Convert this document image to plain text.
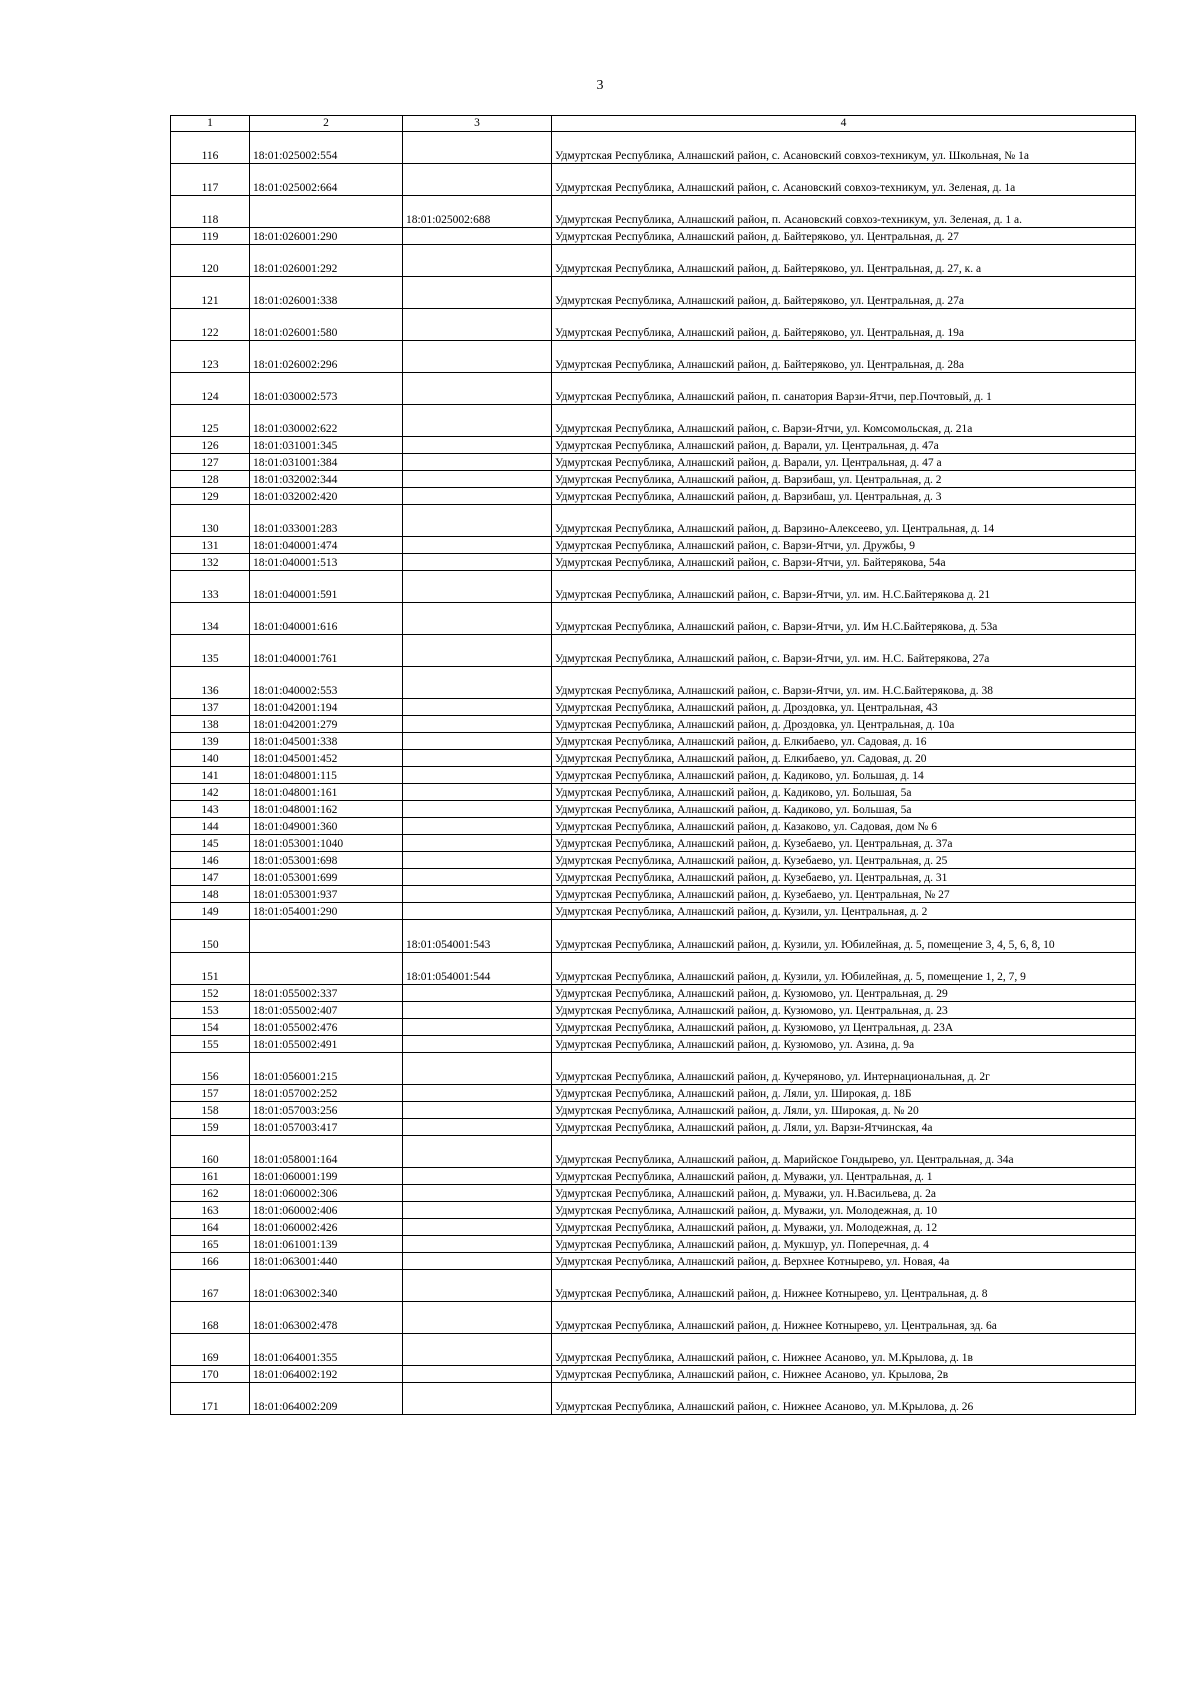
3
1	2	3	4
116	18:01:025002:554		Удмуртская Республика, Алнашский район, с. Асановский совхоз-техникум, ул. Школьная, № 1а
117	18:01:025002:664		Удмуртская Республика, Алнашский район, с. Асановский совхоз-техникум, ул. Зеленая, д. 1а
118		18:01:025002:688	Удмуртская Республика, Алнашский район, п. Асановский совхоз-техникум, ул. Зеленая, д. 1 а.
119	18:01:026001:290		Удмуртская Республика, Алнашский район, д. Байтеряково, ул. Центральная, д. 27
120	18:01:026001:292		Удмуртская Республика, Алнашский район, д. Байтеряково, ул. Центральная, д. 27, к. а
121	18:01:026001:338		Удмуртская Республика, Алнашский район, д. Байтеряково, ул. Центральная, д. 27а
122	18:01:026001:580		Удмуртская Республика, Алнашский район, д. Байтеряково, ул. Центральная, д. 19а
123	18:01:026002:296		Удмуртская Республика, Алнашский район, д. Байтеряково, ул. Центральная, д. 28а
124	18:01:030002:573		Удмуртская Республика, Алнашский район, п. санатория Варзи-Ятчи, пер.Почтовый, д. 1
125	18:01:030002:622		Удмуртская Республика, Алнашский район, с. Варзи-Ятчи, ул. Комсомольская, д. 21а
126	18:01:031001:345		Удмуртская Республика, Алнашский район, д. Варали, ул. Центральная, д. 47а
127	18:01:031001:384		Удмуртская Республика, Алнашский район, д. Варали, ул. Центральная, д. 47 а
128	18:01:032002:344		Удмуртская Республика, Алнашский район, д. Варзибаш, ул. Центральная, д. 2
129	18:01:032002:420		Удмуртская Республика, Алнашский район, д. Варзибаш, ул. Центральная, д. 3
130	18:01:033001:283		Удмуртская Республика, Алнашский район, д. Варзино-Алексеево, ул. Центральная, д. 14
131	18:01:040001:474		Удмуртская Республика, Алнашский район, с. Варзи-Ятчи, ул. Дружбы, 9
132	18:01:040001:513		Удмуртская Республика, Алнашский район, с. Варзи-Ятчи, ул. Байтерякова, 54а
133	18:01:040001:591		Удмуртская Республика, Алнашский район, с. Варзи-Ятчи, ул. им. Н.С.Байтерякова д. 21
134	18:01:040001:616		Удмуртская Республика, Алнашский район, с. Варзи-Ятчи, ул. Им Н.С.Байтерякова, д. 53а
135	18:01:040001:761		Удмуртская Республика, Алнашский район, с. Варзи-Ятчи, ул. им. Н.С. Байтерякова, 27а
136	18:01:040002:553		Удмуртская Республика, Алнашский район, с. Варзи-Ятчи, ул. им. Н.С.Байтерякова, д. 38
137	18:01:042001:194		Удмуртская Республика, Алнашский район, д. Дроздовка, ул. Центральная, 43
138	18:01:042001:279		Удмуртская Республика, Алнашский район, д. Дроздовка, ул. Центральная, д. 10а
139	18:01:045001:338		Удмуртская Республика, Алнашский район, д. Елкибаево, ул. Садовая, д. 16
140	18:01:045001:452		Удмуртская Республика, Алнашский район, д. Елкибаево, ул. Садовая, д. 20
141	18:01:048001:115		Удмуртская Республика, Алнашский район, д. Кадиково, ул. Большая, д. 14
142	18:01:048001:161		Удмуртская Республика, Алнашский район, д. Кадиково, ул. Большая, 5а
143	18:01:048001:162		Удмуртская Республика, Алнашский район, д. Кадиково, ул. Большая, 5а
144	18:01:049001:360		Удмуртская Республика, Алнашский район, д. Казаково, ул. Садовая, дом № 6
145	18:01:053001:1040		Удмуртская Республика, Алнашский район, д. Кузебаево, ул. Центральная, д. 37а
146	18:01:053001:698		Удмуртская Республика, Алнашский район, д. Кузебаево, ул. Центральная, д. 25
147	18:01:053001:699		Удмуртская Республика, Алнашский район, д. Кузебаево, ул. Центральная, д. 31
148	18:01:053001:937		Удмуртская Республика, Алнашский район, д. Кузебаево, ул. Центральная, № 27
149	18:01:054001:290		Удмуртская Республика, Алнашский район, д. Кузили, ул. Центральная, д. 2
150		18:01:054001:543	Удмуртская Республика, Алнашский район, д. Кузили, ул. Юбилейная, д. 5, помещение 3, 4, 5, 6, 8, 10
151		18:01:054001:544	Удмуртская Республика, Алнашский район, д. Кузили, ул. Юбилейная, д. 5, помещение 1, 2, 7, 9
152	18:01:055002:337		Удмуртская Республика, Алнашский район, д. Кузюмово, ул. Центральная, д. 29
153	18:01:055002:407		Удмуртская Республика, Алнашский район, д. Кузюмово, ул. Центральная, д. 23
154	18:01:055002:476		Удмуртская Республика, Алнашский район, д. Кузюмово, ул Центральная, д. 23А
155	18:01:055002:491		Удмуртская Республика, Алнашский район, д. Кузюмово, ул. Азина, д. 9а
156	18:01:056001:215		Удмуртская Республика, Алнашский район, д. Кучеряново, ул. Интернациональная, д. 2г
157	18:01:057002:252		Удмуртская Республика, Алнашский район, д. Ляли, ул. Широкая, д. 18Б
158	18:01:057003:256		Удмуртская Республика, Алнашский район, д. Ляли, ул. Широкая, д. № 20
159	18:01:057003:417		Удмуртская Республика, Алнашский район, д. Ляли, ул. Варзи-Ятчинская, 4а
160	18:01:058001:164		Удмуртская Республика, Алнашский район, д. Марийское Гондырево, ул. Центральная, д. 34а
161	18:01:060001:199		Удмуртская Республика, Алнашский район, д. Муважи, ул. Центральная, д. 1
162	18:01:060002:306		Удмуртская Республика, Алнашский район, д. Муважи, ул. Н.Васильева, д. 2а
163	18:01:060002:406		Удмуртская Республика, Алнашский район, д. Муважи, ул. Молодежная, д. 10
164	18:01:060002:426		Удмуртская Республика, Алнашский район, д. Муважи, ул. Молодежная, д. 12
165	18:01:061001:139		Удмуртская Республика, Алнашский район, д. Мукшур, ул. Поперечная, д. 4
166	18:01:063001:440		Удмуртская Республика, Алнашский район, д. Верхнее Котнырево, ул. Новая, 4а
167	18:01:063002:340		Удмуртская Республика, Алнашский район, д. Нижнее Котнырево, ул. Центральная, д. 8
168	18:01:063002:478		Удмуртская Республика, Алнашский район, д. Нижнее Котнырево, ул. Центральная, зд. 6а
169	18:01:064001:355		Удмуртская Республика, Алнашский район, с. Нижнее Асаново, ул. М.Крылова, д. 1в
170	18:01:064002:192		Удмуртская Республика, Алнашский район, с. Нижнее Асаново, ул. Крылова, 2в
171	18:01:064002:209		Удмуртская Республика, Алнашский район, с. Нижнее Асаново, ул. М.Крылова, д. 26
